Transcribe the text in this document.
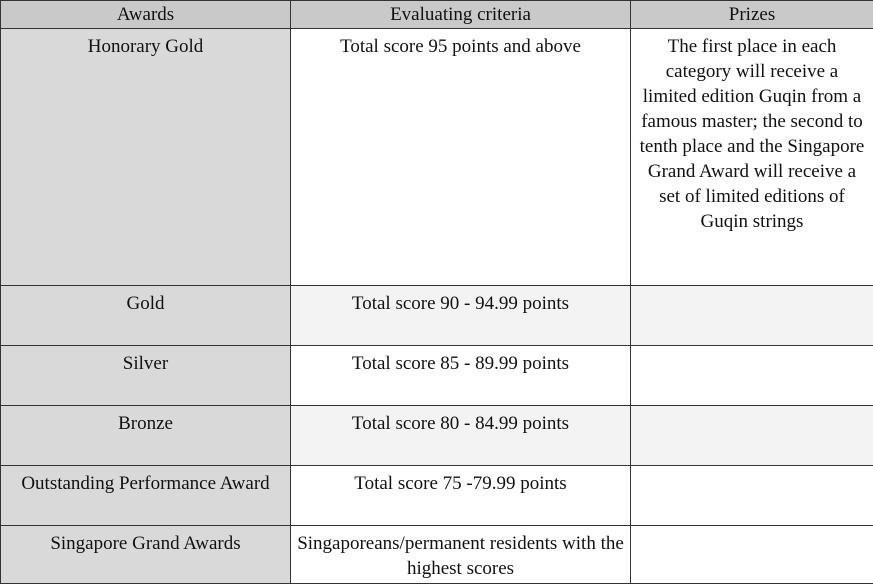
Awards	Evaluating criteria	Prizes
Honorary Gold	Total score 95 points and above	The first place in each category will receive a limited edition Guqin from a famous master; the second to tenth place and the Singapore Grand Award will receive a set of limited editions of Guqin strings
Gold	Total score 90 - 94.99 points	
Silver	Total score 85 - 89.99 points	
Bronze	Total score 80 - 84.99 points	
Outstanding Performance Award	Total score 75 -79.99 points	
Singapore Grand Awards	Singaporeans/permanent residents with the highest scores	
